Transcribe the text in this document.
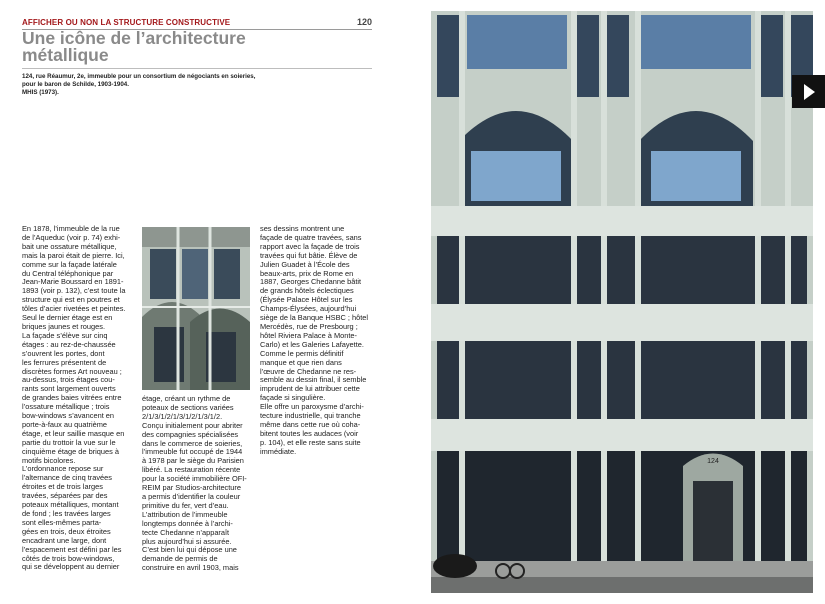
AFFICHER OU NON LA STRUCTURE CONSTRUCTIVE	120
Une icône de l’architecture
métallique
124, rue Réaumur, 2e, immeuble pour un consortium de négociants en soieries,
pour le baron de Schilde, 1903-1904.
MHIS (1973).

En 1878, l’immeuble de la rue

de l’Aqueduc (voir p. 74) exhi-

bait une ossature métallique,

mais la paroi était de pierre. Ici,

comme sur la façade latérale

du Central téléphonique par

Jean-Marie Boussard en 1891-

1893 (voir p. 132), c’est toute la

structure qui est en poutres et

tôles d’acier rivetées et peintes.

Seul le dernier étage est en

briques jaunes et rouges.

La façade s’élève sur cinq

étages : au rez-de-chaussée

s’ouvrent les portes, dont

les ferrures présentent de

discrètes formes Art nouveau ;

au-dessus, trois étages cou-

rants sont largement ouverts

de grandes baies vitrées entre

l’ossature métallique ; trois

bow-windows s’avancent en

porte-à-faux au quatrième

étage, et leur saillie masque en

partie du trottoir la vue sur le

cinquième étage de briques à

motifs bicolores.

L’ordonnance repose sur

l’alternance de cinq travées

étroites et de trois larges

travées, séparées par des

poteaux métalliques, montant

de fond ; les travées larges

sont elles-mêmes parta-

gées en trois, deux étroites

encadrant une large, dont

l’espacement est défini par les

côtés de trois bow-windows,

qui se développent au dernier

étage, créant un rythme de

poteaux de sections variées

2/1/3/1/2/1/3/1/2/1/3/1/2.

Conçu initialement pour abriter

des compagnies spécialisées

dans le commerce de soieries,

l’immeuble fut occupé de 1944

à 1978 par le siège du Parisien

libéré. La restauration récente

pour la société immobilière OFI-

REIM par Studios-architecture

a permis d’identifier la couleur

primitive du fer, vert d’eau.

L’attribution de l’immeuble

longtemps donnée à l’archi-

tecte Chedanne n’apparaît

plus aujourd’hui si assurée.

C’est bien lui qui dépose une

demande de permis de

construire en avril 1903, mais

ses dessins montrent une

façade de quatre travées, sans

rapport avec la façade de trois

travées qui fut bâtie. Élève de

Julien Guadet à l’École des

beaux-arts, prix de Rome en

1887, Georges Chedanne bâtit

de grands hôtels éclectiques

(Élysée Palace Hôtel sur les

Champs-Élysées, aujourd’hui

siège de la Banque HSBC ; hôtel

Mercédès, rue de Presbourg ;

hôtel Riviera Palace à Monte-

Carlo) et les Galeries Lafayette.

Comme le permis définitif

manque et que rien dans

l’œuvre de Chedanne ne res-

semble au dessin final, il semble

imprudent de lui attribuer cette

façade si singulière.

Elle offre un paroxysme d’archi-

tecture industrielle, qui tranche

même dans cette rue où coha-

bitent toutes les audaces (voir

p. 104), et elle reste sans suite

immédiate.

124
